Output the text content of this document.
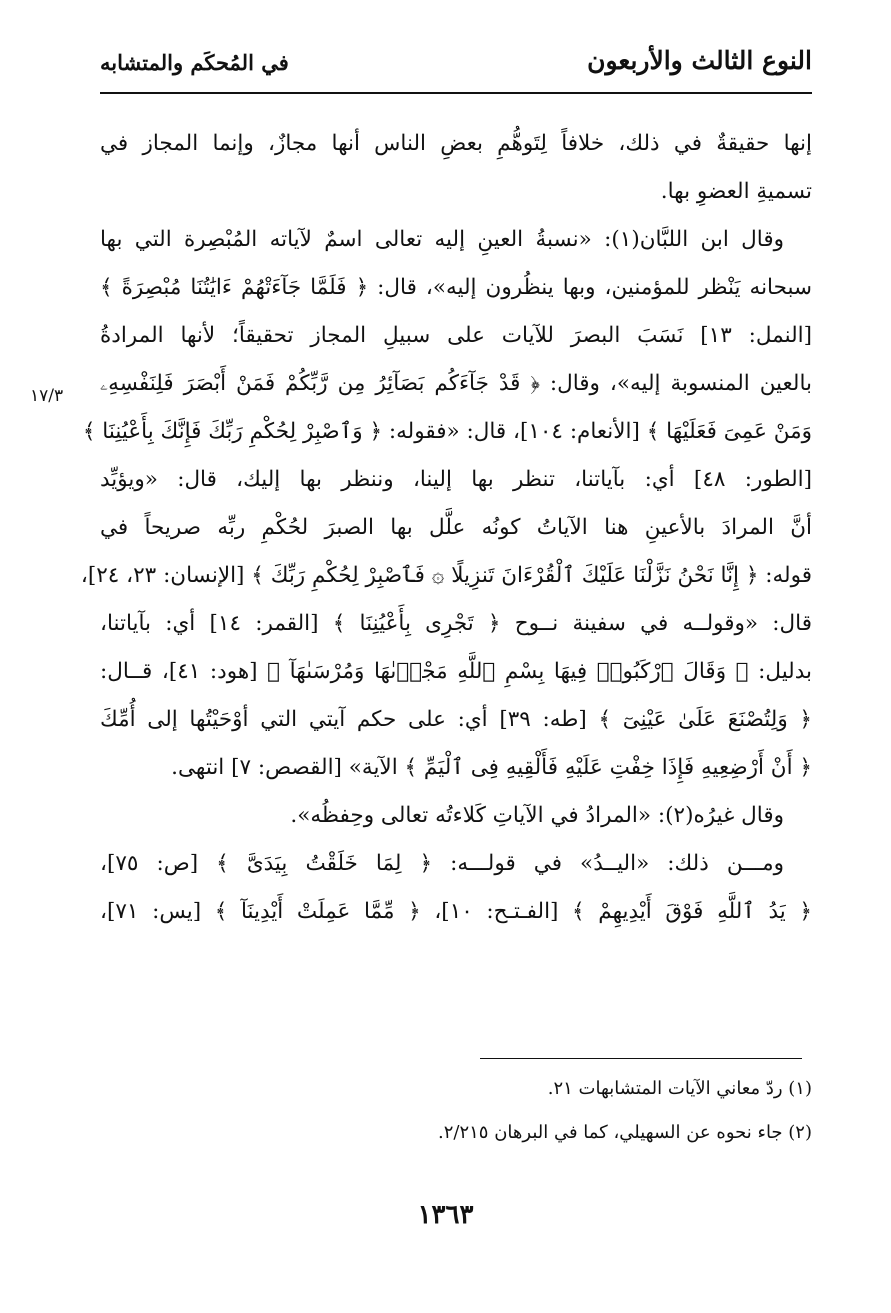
النوع الثالث والأربعون
في المُحكَم والمتشابه
١٧/٣
إنها حقيقةٌ في ذلك، خلافاً لِتَوهُّمِ بعضِ الناس أنها مجازٌ، وإنما المجاز في
تسميةِ العضوِ بها.
وقال ابن اللبَّان(١): «نسبةُ العينِ إليه تعالى اسمٌ لآياته المُبْصِرة التي بها
سبحانه يَنْظر للمؤمنين، وبها ينظُرون إليه»، قال: ﴿ فَلَمَّا جَآءَتْهُمْ ءَايَٰتُنَا مُبْصِرَةً ﴾
[النمل: ١٣] نَسَبَ البصرَ للآيات على سبيلِ المجاز تحقيقاً؛ لأنها المرادةُ
بالعين المنسوبة إليه»، وقال: ﴿ قَدْ جَآءَكُم بَصَآئِرُ مِن رَّبِّكُمْ فَمَنْ أَبْصَرَ فَلِنَفْسِهِۦ
وَمَنْ عَمِىَ فَعَلَيْهَا ﴾ [الأنعام: ١٠٤]، قال: «فقوله: ﴿ وَٱصْبِرْ لِحُكْمِ رَبِّكَ فَإِنَّكَ بِأَعْيُنِنَا ﴾
[الطور: ٤٨] أي: بآياتنا، تنظر بها إلينا، وننظر بها إليك، قال: «ويؤيِّد
أنَّ المرادَ بالأعينِ هنا الآياتُ كونُه علَّل بها الصبرَ لحُكْمِ ربِّه صريحاً في
قوله: ﴿ إِنَّا نَحْنُ نَزَّلْنَا عَلَيْكَ ٱلْقُرْءَانَ تَنزِيلًا ۞ فَٱصْبِرْ لِحُكْمِ رَبِّكَ ﴾ [الإنسان: ٢٣، ٢٤]،
قال: «وقولــه في سفينة نــوح ﴿ تَجْرِى بِأَعْيُنِنَا ﴾ [القمر: ١٤] أي: بآياتنا،
بدليل: ﴿ وَقَالَ ٱرْكَبُوا۟ فِيهَا بِسْمِ ٱللَّهِ مَجْر۪ىٰهَا وَمُرْسَىٰهَآ ﴾ [هود: ٤١]، قــال:
﴿ وَلِتُصْنَعَ عَلَىٰ عَيْنِىٓ ﴾ [طه: ٣٩] أي: على حكم آيتي التي أوْحَيْتُها إلى أُمِّكَ
﴿ أَنْ أَرْضِعِيهِ فَإِذَا خِفْتِ عَلَيْهِ فَأَلْقِيهِ فِى ٱلْيَمِّ ﴾ الآية» [القصص: ٧] انتهى.
وقال غيرُه(٢): «المرادُ في الآياتِ كَلاءتُه تعالى وحِفظُه».
ومـــن ذلك: «اليــدُ» في قولـــه: ﴿ لِمَا خَلَقْتُ بِيَدَىَّ ﴾ [ص: ٧٥]،
﴿ يَدُ ٱللَّهِ فَوْقَ أَيْدِيهِمْ ﴾ [الفـتـح: ١٠]، ﴿ مِّمَّا عَمِلَتْ أَيْدِينَآ ﴾ [يس: ٧١]،
(١) ردّ معاني الآيات المتشابهات ٢١.
(٢) جاء نحوه عن السهيلي، كما في البرهان ٢/٢١٥.
١٣٦٣
